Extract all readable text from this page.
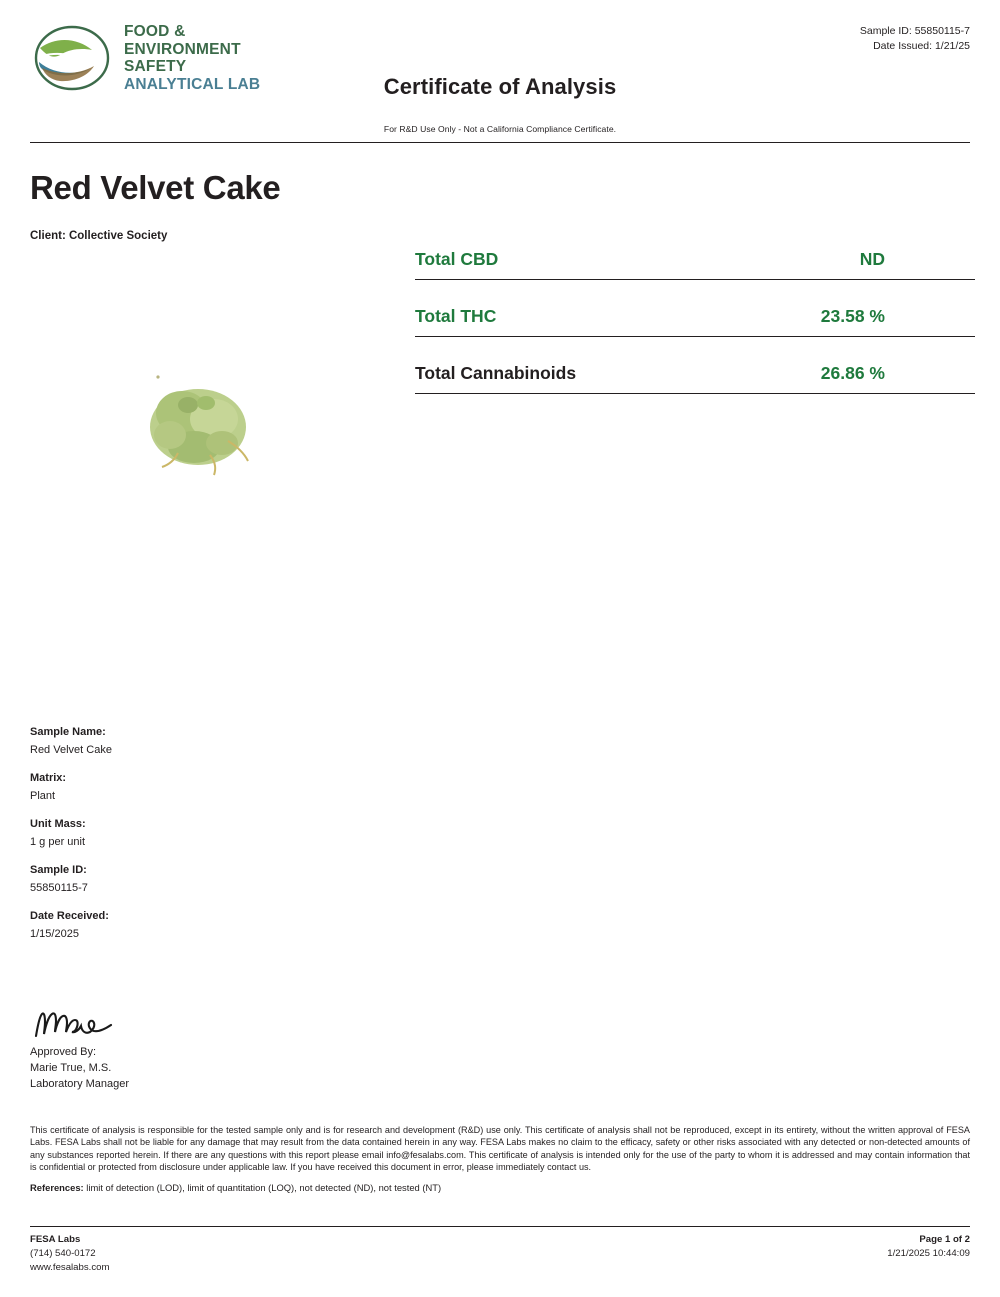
FOOD &
ENVIRONMENT
SAFETY
ANALYTICAL LAB
Sample ID: 55850115-7
Date Issued: 1/21/25
Certificate of Analysis
For R&D Use Only - Not a California Compliance Certificate.
Red Velvet Cake
Client: Collective Society
Total CBD	ND
Total THC	23.58 %
Total Cannabinoids	26.86 %
Sample Name:
Red Velvet Cake
Matrix:
Plant
Unit Mass:
1 g per unit
Sample ID:
55850115-7
Date Received:
1/15/2025
Approved By:
Marie True, M.S.
Laboratory Manager
This certificate of analysis is responsible for the tested sample only and is for research and development (R&D) use only. This certificate of analysis shall not be reproduced, except in its entirety, without the written approval of FESA Labs. FESA Labs shall not be liable for any damage that may result from the data contained herein in any way. FESA Labs makes no claim to the efficacy, safety or other risks associated with any detected or non-detected amounts of any substances reported herein. If there are any questions with this report please email info@fesalabs.com. This certificate of analysis is intended only for the use of the party to whom it is addressed and may contain information that is confidential or protected from disclosure under applicable law. If you have received this document in error, please immediately contact us.
References: limit of detection (LOD), limit of quantitation (LOQ), not detected (ND), not tested (NT)
FESA Labs
(714) 540-0172
www.fesalabs.com
Page 1 of 2
1/21/2025 10:44:09
